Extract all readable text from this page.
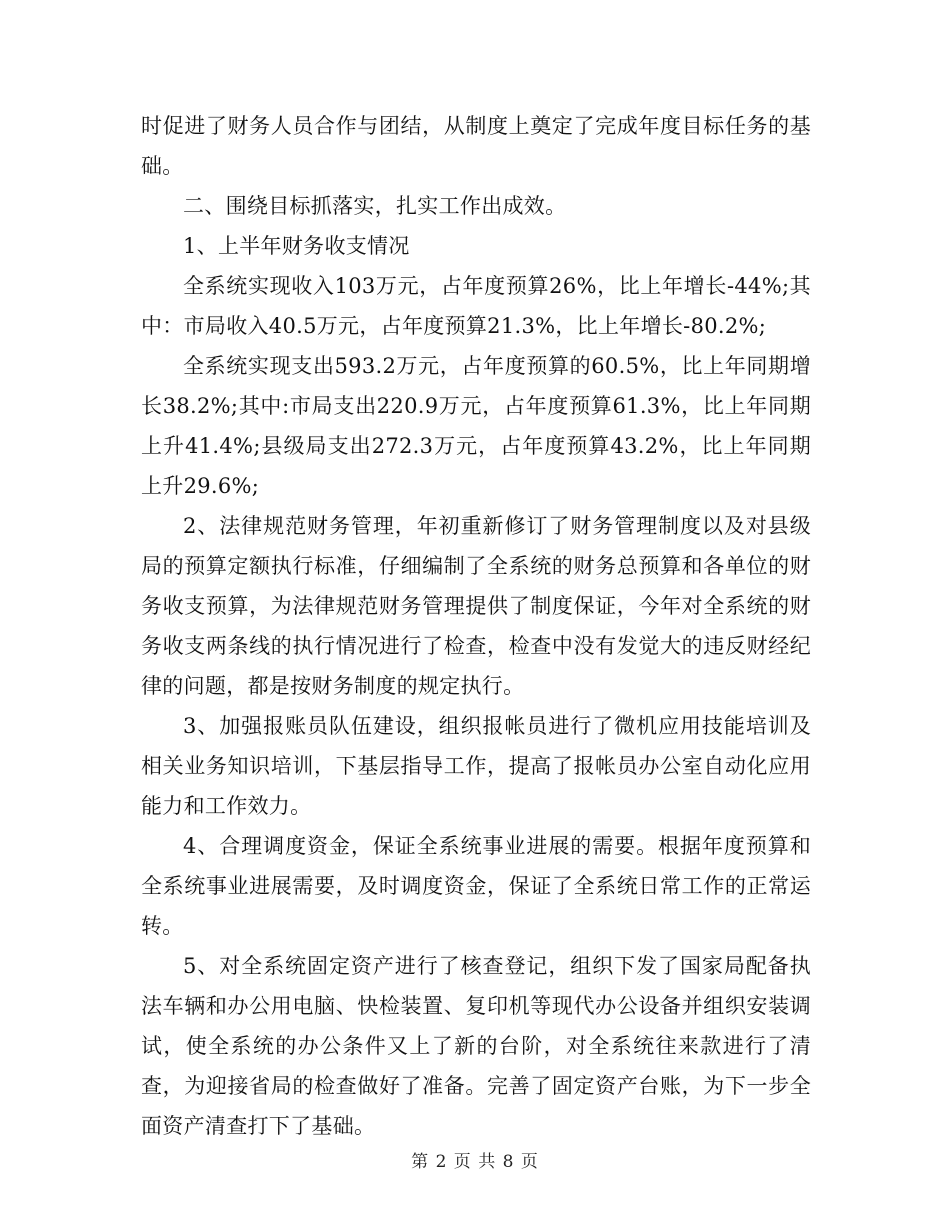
时促进了财务人员合作与团结，从制度上奠定了完成年度目标任务的基础。

二、围绕目标抓落实，扎实工作出成效。

1、上半年财务收支情况

全系统实现收入103万元，占年度预算26%，比上年增长-44%;其中：市局收入40.5万元，占年度预算21.3%，比上年增长-80.2%;

全系统实现支出593.2万元，占年度预算的60.5%，比上年同期增长38.2%;其中:市局支出220.9万元，占年度预算61.3%，比上年同期上升41.4%;县级局支出272.3万元，占年度预算43.2%，比上年同期上升29.6%;

2、法律规范财务管理，年初重新修订了财务管理制度以及对县级局的预算定额执行标准，仔细编制了全系统的财务总预算和各单位的财务收支预算，为法律规范财务管理提供了制度保证，今年对全系统的财务收支两条线的执行情况进行了检查，检查中没有发觉大的违反财经纪律的问题，都是按财务制度的规定执行。

3、加强报账员队伍建设，组织报帐员进行了微机应用技能培训及相关业务知识培训，下基层指导工作，提高了报帐员办公室自动化应用能力和工作效力。

4、合理调度资金，保证全系统事业进展的需要。根据年度预算和全系统事业进展需要，及时调度资金，保证了全系统日常工作的正常运转。

5、对全系统固定资产进行了核查登记，组织下发了国家局配备执法车辆和办公用电脑、快检装置、复印机等现代办公设备并组织安装调试，使全系统的办公条件又上了新的台阶，对全系统往来款进行了清查，为迎接省局的检查做好了准备。完善了固定资产台账，为下一步全面资产清查打下了基础。

第 2 页 共 8 页
